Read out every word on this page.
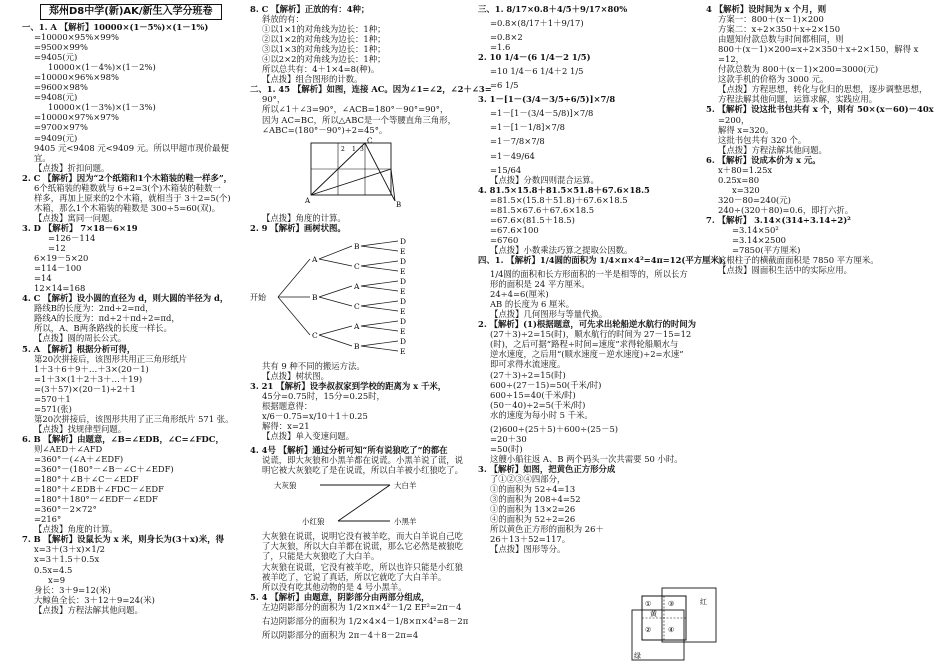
郑州D8中学(新)AK/新生入学分班卷
一、1. A 【解析】10000×(1－5%)×(1－1%)
=10000×95%×99%
=9500×99%
=9405(元)
10000×(1－4%)×(1－2%)
=10000×96%×98%
=9600×98%
=9408(元)
10000×(1－3%)×(1－3%)
=10000×97%×97%
=9700×97%
=9409(元)
9405 元<9408 元<9409 元。所以甲超市现价最便
宜。
【点拨】折扣问题。
2. C 【解析】因为“2个纸箱和1个木箱装的鞋一样多”，
6个纸箱装的鞋数就与 6÷2=3(个)木箱装的鞋数一
样多，再加上原来的2个木箱，就相当于 3＋2=5(个)
木箱，那么1个木箱装的鞋数是 300÷5=60(双)。
【点拨】寓同一问题。
3. D 【解析】 7×18－6×19
=126－114
=12
6×19－5×20
=114－100
=14
12×14=168
4. C 【解析】设小圆的直径为 d，则大圆的半径为 d，
路线B的长度为：2πd÷2=πd，
路线A的长度为：πd÷2＋πd÷2=πd，
所以，A、B两条路线的长度一样长。
【点拨】圆的周长公式。
5. A 【解析】根据分析可得，
第20次拼接后，该图形共用正三角形纸片
1＋3＋6＋9＋…＋3×(20－1)
=1＋3×(1＋2＋3＋…＋19)
=(3＋57)×(20－1)÷2＋1
=570＋1
=571(张)
第20次拼接后，该图形共用了正三角形纸片 571 张。
【点拨】找规律型问题。
6. B 【解析】由题意，∠B=∠EDB，∠C=∠FDC，
则∠AED＋∠AFD
=360°－(∠A＋∠EDF)
=360°－(180°－∠B－∠C＋∠EDF)
=180°＋∠B＋∠C－∠EDF
=180°＋∠EDB＋∠FDC－∠EDF
=180°＋180°－∠EDF－∠EDF
=360°－2×72°
=216°
【点拨】角度的计算。
7. B 【解析】设鼠长为 x 米，则身长为(3＋x)米，得
x=3＋(3＋x)×1/2
x=3＋1.5＋0.5x
0.5x=4.5
x=9
身长：3＋9=12(米)
大鲸鱼全长：3＋12＋9=24(米)
【点拨】方程法解其他问题。
8. C 【解析】正放的有：4种；
斜放的有：
①以1×1的对角线为边长：1种；
②以1×2的对角线为边长：1种；
③以1×3的对角线为边长：1种；
④以2×2的对角线为边长：1种；
所以总共有：4＋1×4=8(种)。
【点拨】组合图形的计数。
二、1. 45 【解析】如图，连接 AC。因为∠1=∠2，∠2＋∠3=
90°，
所以∠1＋∠3=90°，∠ACB=180°－90°=90°，
因为 AC=BC，所以△ABC是一个等腰直角三角形，
∠ABC=(180°－90°)÷2=45°。
A	B
C
1
2	3
【点拨】角度的计算。
2. 9 【解析】画树状图。
开始
A
B
D
E
C
D
E
B
A
D
E
C
D
E
C
A
D
E
B
D
E
共有 9 种不同的搬运方法。
【点拨】树状图。
3. 21 【解析】设李叔叔家到学校的距离为 x 千米，
45分=0.75时，15分=0.25时，
根据题意得：
x/6－0.75=x/10＋1＋0.25
解得：x=21
【点拨】单入变速问题。
4. 4号 【解析】通过分析可知“所有说狼吃了”的都在
说谎，即大灰狼和小黑羊都在说谎。小黑羊说了谎，说
明它被大灰狼吃了是在说谎，所以白羊被小红狼吃了。
大灰狼	大白羊
小红狼	小黑羊
大灰狼在说谎，说明它没有被羊吃，而大白羊说自己吃
了大灰狼，所以大白羊都在说谎，那么它必然是被狼吃
了，只能是大灰狼吃了大白羊。
大灰狼在说谎，它没有被羊吃，所以也许只能是小红狼
被羊吃了，它说了真话，所以它就吃了大白羊羊。
所以没有吃其他动物的是 4 号小黑羊。
5. 4 【解析】由题意，阴影部分由两部分组成，
左边阴影部分的面积为 1/2×π×4²－1/2 EF²=2π－4
右边阴影部分的面积为 1/2×4×4－1/8×π×4²=8－2π
所以阴影部分的面积为 2π－4＋8－2π=4
三、1. 8/17×0.8＋4/5＋9/17×80%
=0.8×(8/17＋1＋9/17)
=0.8×2
=1.6
2. 10 1/4－(6 1/4－2 1/5)
=10 1/4－6 1/4＋2 1/5
=6 1/5
3. 1－[1－(3/4－3/5÷6/5)]×7/8
=1－[1－(3/4－5/8)]×7/8
=1－[1－1/8]×7/8
=1－7/8×7/8
=1－49/64
=15/64
【点拨】分数四则混合运算。
4. 81.5×15.8＋81.5×51.8＋67.6×18.5
=81.5×(15.8＋51.8)＋67.6×18.5
=81.5×67.6＋67.6×18.5
=67.6×(81.5＋18.5)
=67.6×100
=6760
【点拨】小数乘法巧算之提取公因数。
四、1. 【解析】1/4圆的面积为 1/4×π×4²=4π=12(平方厘米)，
1/4圆的面积和长方形面积的一半是相等的，所以长方
形的面积是 24 平方厘米。
24÷4=6(厘米)
AB 的长度为 6 厘米。
【点拨】几何图形与等量代换。
2. 【解析】(1)根据题意，可先求出轮船逆水航行的时间为
(27＋3)÷2=15(时)，顺水航行的时间为 27－15=12
(时)，之后可据“路程÷时间=速度”求得轮船顺水与
逆水速度，之后用“(顺水速度－逆水速度)÷2=水速”
即可求得水流速度。
(27＋3)÷2=15(时)
600÷(27－15)=50(千米/时)
600÷15=40(千米/时)
(50－40)÷2=5(千米/时)
水的速度为每小时 5 千米。
(2)600÷(25＋5)＋600÷(25－5)
=20＋30
=50(时)
这艘小船往返 A、B 两个码头一次共需要 50 小时。
3. 【解析】如图，把黄色正方形分成
了①②③④四部分，
①的面积为 52÷4=13
③的面积为 208÷4=52
①的面积为 13×2=26
④的面积为 52÷2=26
所以黄色正方形的面积为 26＋
26＋13＋52=117。
【点拨】图形等分。
红
黄
绿
①
②
③
④
4 【解析】设时间为 x 个月，则
方案一：800＋(x－1)×200
方案二：x÷2×350＋x÷2×150
由题知付款总数与时间都相同，则
800＋(x－1)×200=x÷2×350＋x÷2×150，解得 x
=12，
付款总数为 800＋(x－1)×200=3000(元)
这款手机的价格为 3000 元。
【点拨】方程思想，转化与化归的思想，逐步调整思想，
方程法解其他问题，运算求解，实践应用。
5. 【解析】设这批书包共有 x 个，则有 50×(x－60)－40x
=200，
解得 x=320。
这批书包共有 320 个。
【点拨】方程法解其他问题。
6. 【解析】设成本价为 x 元。
x＋80=1.25x
0.25x=80
x=320
320－80=240(元)
240÷(320＋80)=0.6，即打六折。
7. 【解析】 3.14×(314÷3.14÷2)²
=3.14×50²
=3.14×2500
=7850(平方厘米)
这根柱子的横截面面积是 7850 平方厘米。
【点拨】圆面积生活中的实际应用。
